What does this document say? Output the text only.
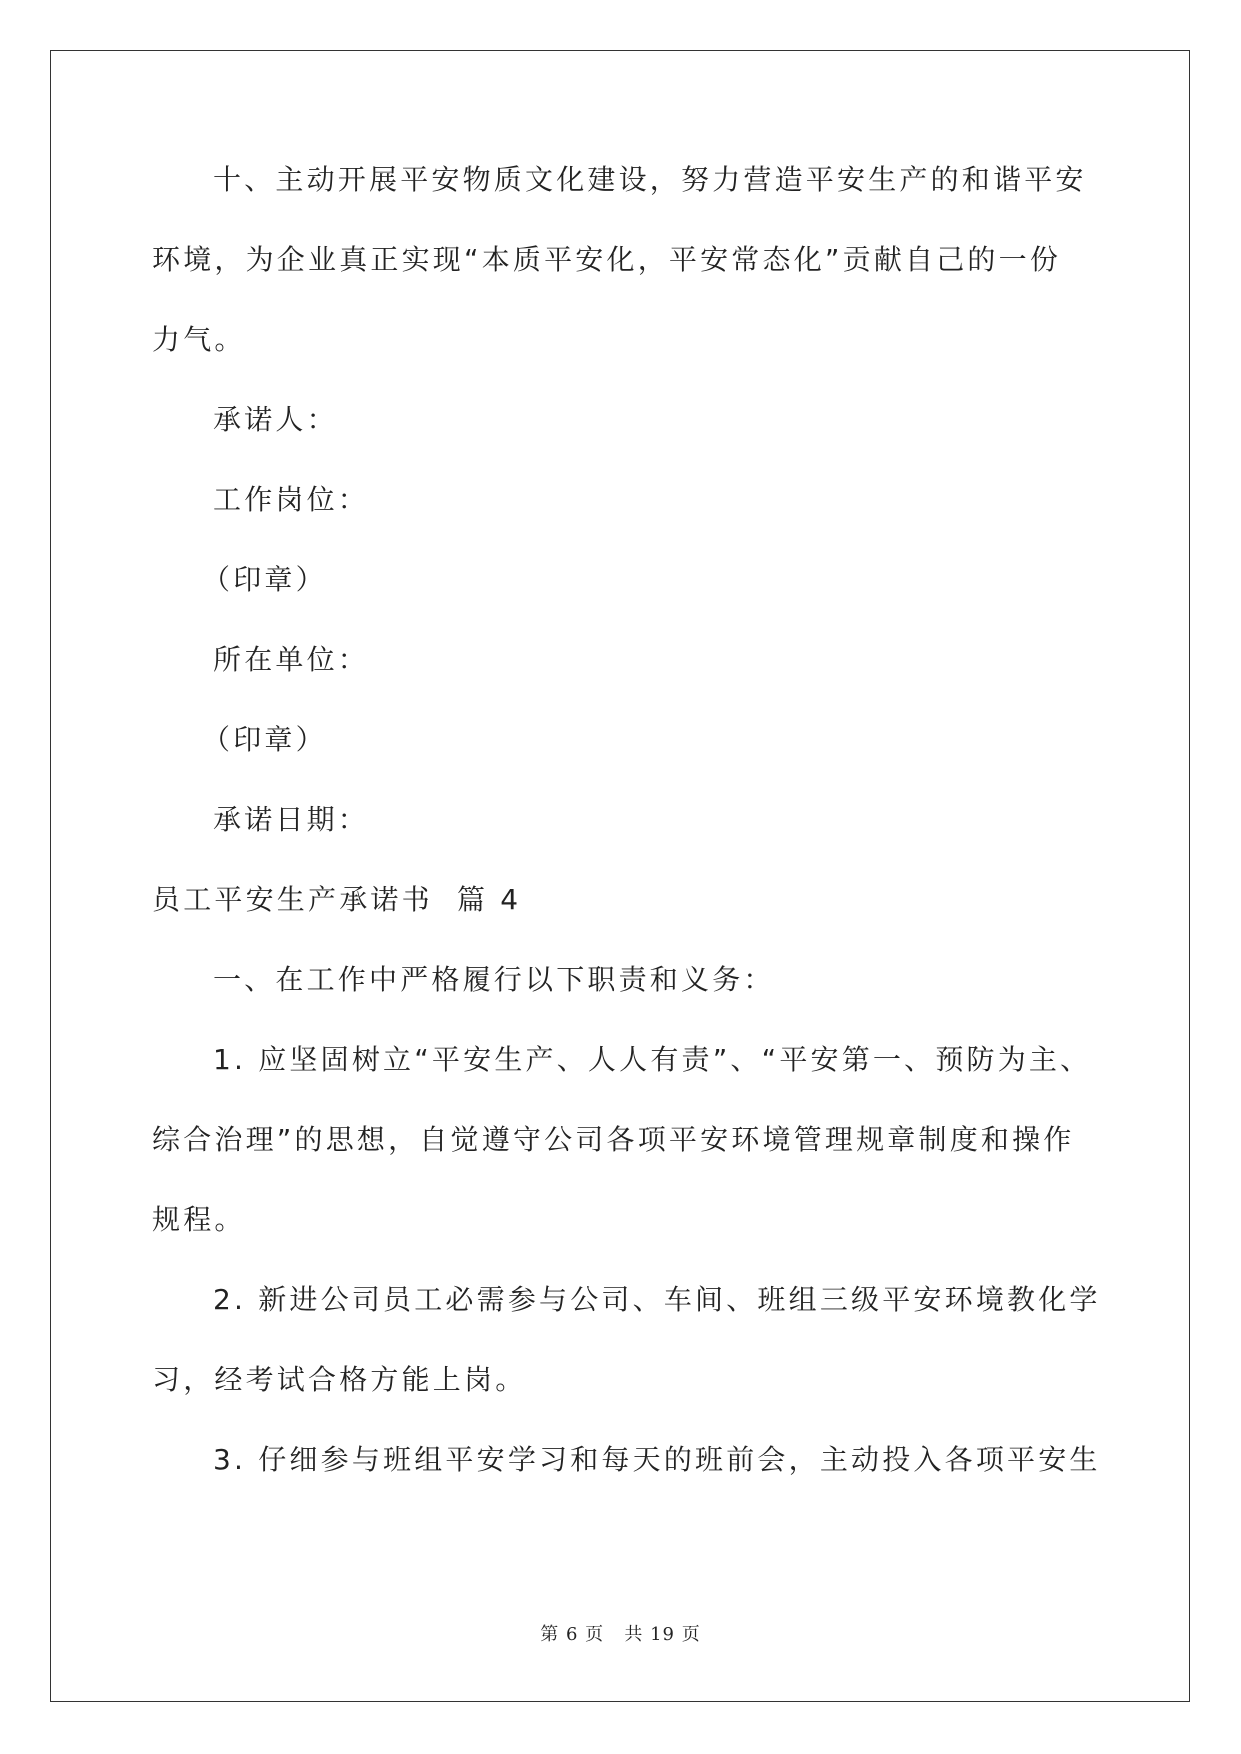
十、主动开展平安物质文化建设，努力营造平安生产的和谐平安
环境，为企业真正实现“本质平安化，平安常态化”贡献自己的一份
力气。
承诺人：
工作岗位：
（印章）
所在单位：
（印章）
承诺日期：
员工平安生产承诺书  篇 4
一、在工作中严格履行以下职责和义务：
1. 应坚固树立“平安生产、人人有责”、“平安第一、预防为主、
综合治理”的思想，自觉遵守公司各项平安环境管理规章制度和操作
规程。
2. 新进公司员工必需参与公司、车间、班组三级平安环境教化学
习，经考试合格方能上岗。
3. 仔细参与班组平安学习和每天的班前会，主动投入各项平安生
第 6 页   共 19 页
